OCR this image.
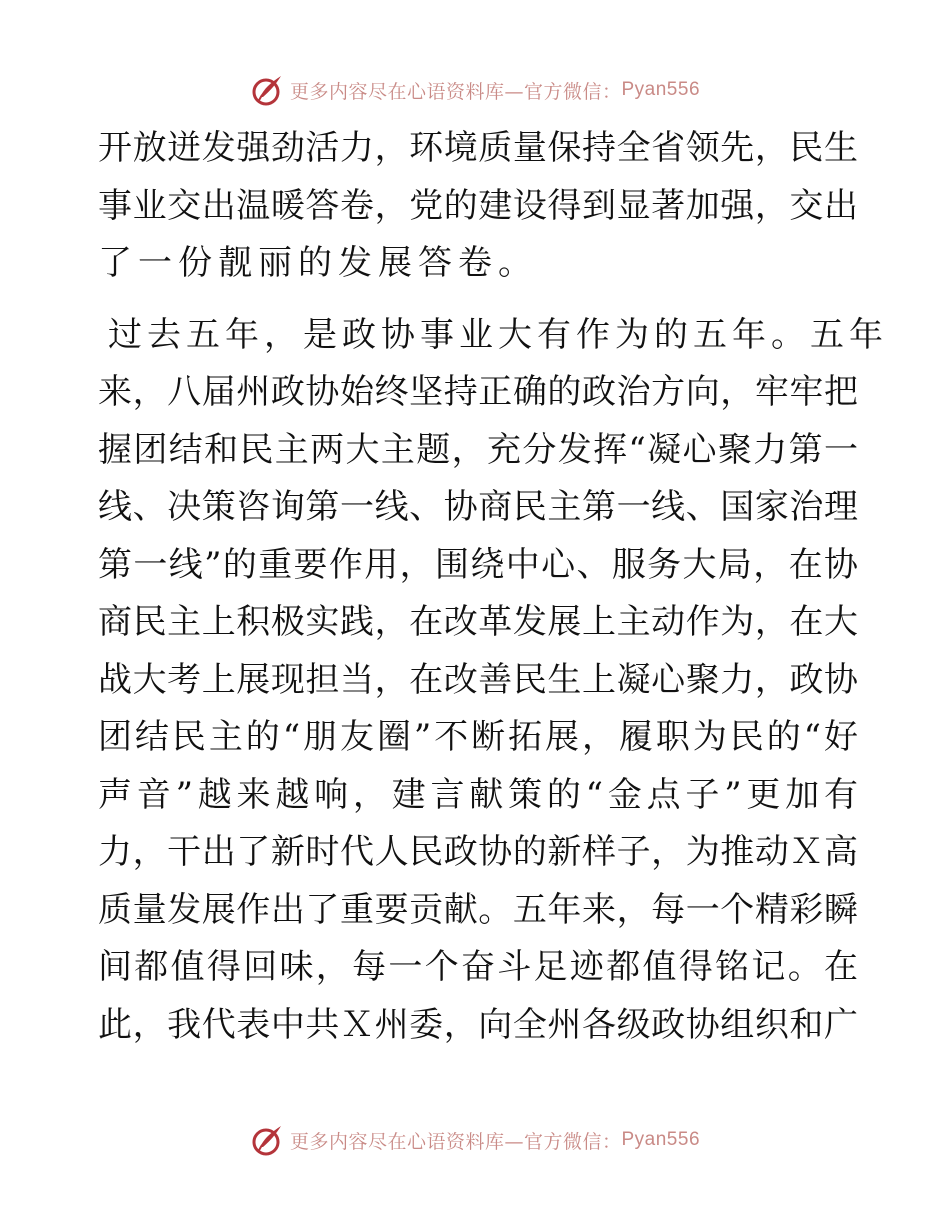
更多内容尽在心语资料库—官方微信： Pyan556
开放迸发强劲活力，环境质量保持全省领先，民生
事业交出温暖答卷，党的建设得到显著加强，交出
了一份靓丽的发展答卷。
过去五年，是政协事业大有作为的五年。五年
来，八届州政协始终坚持正确的政治方向，牢牢把
握团结和民主两大主题，充分发挥“凝心聚力第一
线、决策咨询第一线、协商民主第一线、国家治理
第一线”的重要作用，围绕中心、服务大局，在协
商民主上积极实践，在改革发展上主动作为，在大
战大考上展现担当，在改善民生上凝心聚力，政协
团结民主的“朋友圈”不断拓展，履职为民的“好
声音”越来越响，建言献策的“金点子”更加有
力，干出了新时代人民政协的新样子，为推动Ｘ高
质量发展作出了重要贡献。五年来，每一个精彩瞬
间都值得回味，每一个奋斗足迹都值得铭记。在
此，我代表中共Ｘ州委，向全州各级政协组织和广
更多内容尽在心语资料库—官方微信： Pyan556
